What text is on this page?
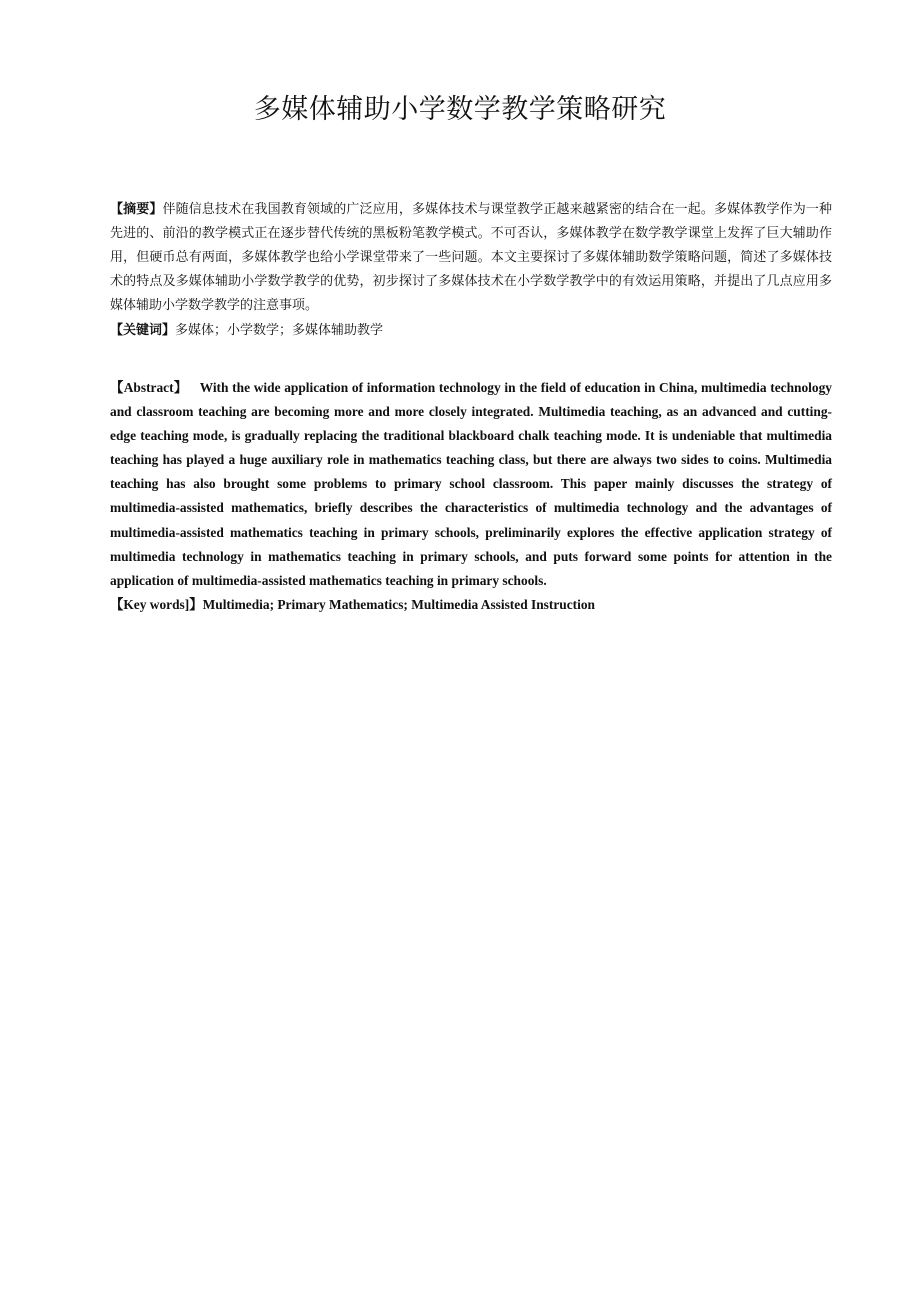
多媒体辅助小学数学教学策略研究

【摘要】伴随信息技术在我国教育领域的广泛应用，多媒体技术与课堂教学正越来越紧密的结合在一起。多媒体教学作为一种先进的、前沿的教学模式正在逐步替代传统的黑板粉笔教学模式。不可否认，多媒体教学在数学教学课堂上发挥了巨大辅助作用，但硬币总有两面，多媒体教学也给小学课堂带来了一些问题。本文主要探讨了多媒体辅助数学策略问题，简述了多媒体技术的特点及多媒体辅助小学数学教学的优势，初步探讨了多媒体技术在小学数学教学中的有效运用策略，并提出了几点应用多媒体辅助小学数学教学的注意事项。

【关键词】多媒体；小学数学；多媒体辅助教学

【Abstract】 With the wide application of information technology in the field of education in China, multimedia technology and classroom teaching are becoming more and more closely integrated. Multimedia teaching, as an advanced and cutting-edge teaching mode, is gradually replacing the traditional blackboard chalk teaching mode. It is undeniable that multimedia teaching has played a huge auxiliary role in mathematics teaching class, but there are always two sides to coins. Multimedia teaching has also brought some problems to primary school classroom. This paper mainly discusses the strategy of multimedia-assisted mathematics, briefly describes the characteristics of multimedia technology and the advantages of multimedia-assisted mathematics teaching in primary schools, preliminarily explores the effective application strategy of multimedia technology in mathematics teaching in primary schools, and puts forward some points for attention in the application of multimedia-assisted mathematics teaching in primary schools.

【Key words]】Multimedia; Primary Mathematics; Multimedia Assisted Instruction
